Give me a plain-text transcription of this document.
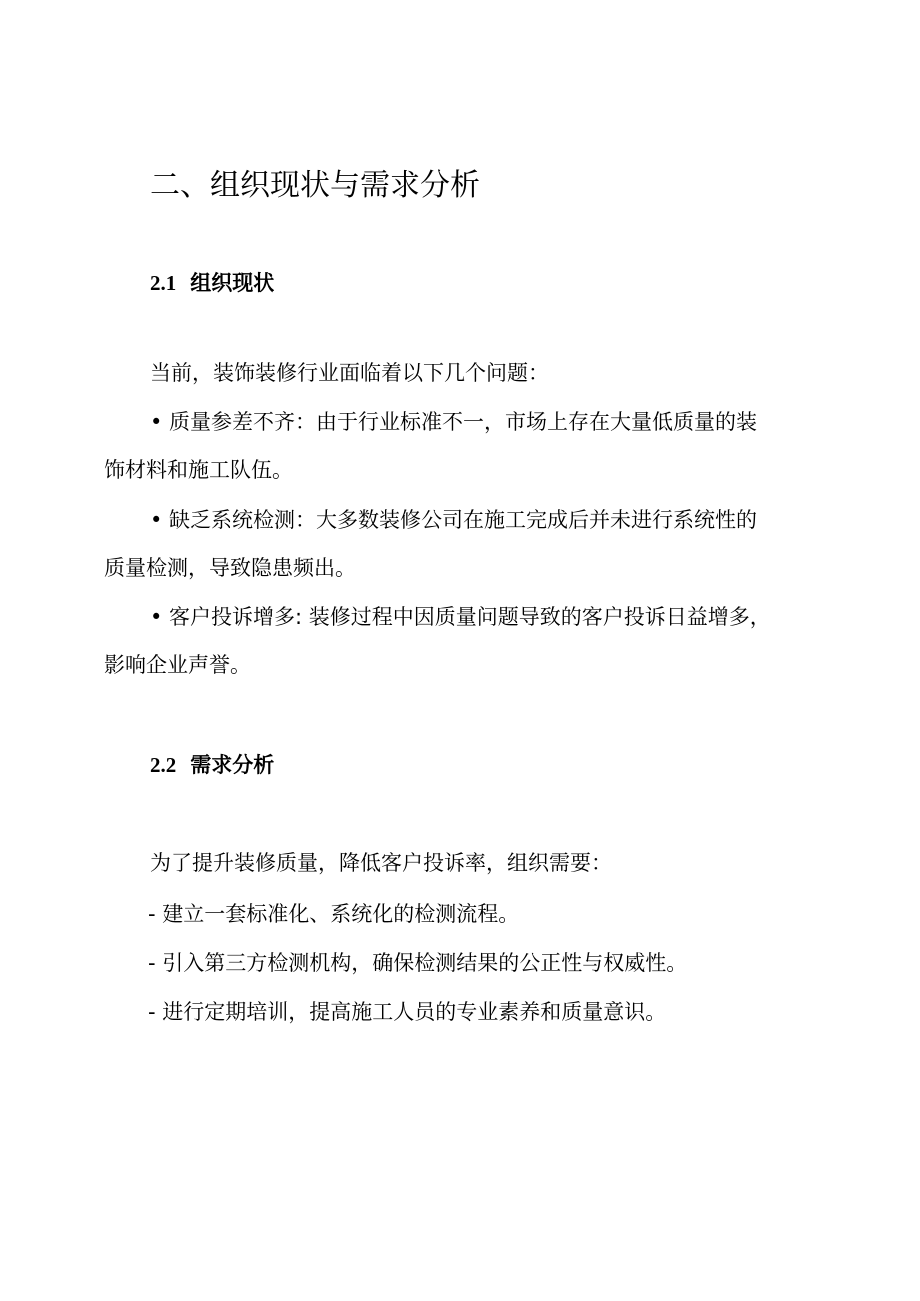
二、组织现状与需求分析
2.1 组织现状

当前，装饰装修行业面临着以下几个问题：

• 质量参差不齐：由于行业标准不一，市场上存在大量低质量的装
饰材料和施工队伍。
• 缺乏系统检测：大多数装修公司在施工完成后并未进行系统性的
质量检测，导致隐患频出。
• 客户投诉增多: 装修过程中因质量问题导致的客户投诉日益增多，
影响企业声誉。
2.2 需求分析

为了提升装修质量，降低客户投诉率，组织需要：

- 建立一套标准化、系统化的检测流程。

- 引入第三方检测机构，确保检测结果的公正性与权威性。

- 进行定期培训，提高施工人员的专业素养和质量意识。
